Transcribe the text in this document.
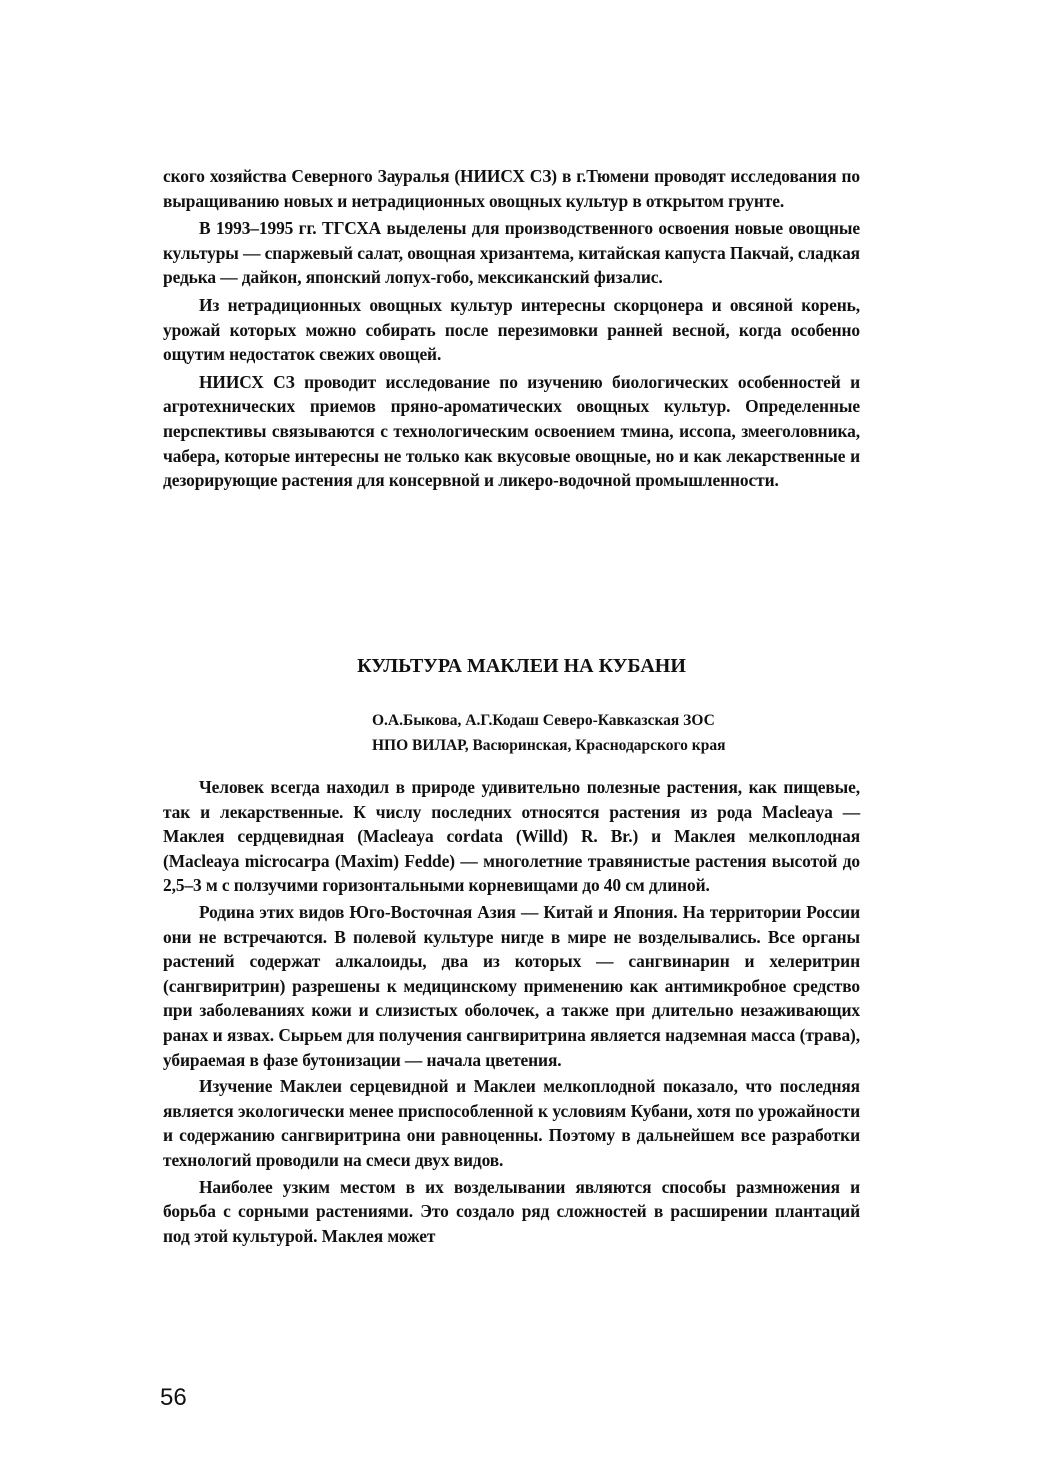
ского хозяйства Северного Зауралья (НИИСХ СЗ) в г.Тюмени проводят исследования по выращиванию новых и нетрадиционных овощных культур в открытом грунте.

В 1993–1995 гг. ТГСХА выделены для производственного освоения новые овощные культуры — спаржевый салат, овощная хризантема, китайская капуста Пакчай, сладкая редька — дайкон, японский лопух-гобо, мексиканский физалис.

Из нетрадиционных овощных культур интересны скорцонера и овсяной корень, урожай которых можно собирать после перезимовки ранней весной, когда особенно ощутим недостаток свежих овощей.

НИИСХ СЗ проводит исследование по изучению биологических особенностей и агротехнических приемов пряно-ароматических овощных культур. Определенные перспективы связываются с технологическим освоением тмина, иссопа, змееголовника, чабера, которые интересны не только как вкусовые овощные, но и как лекарственные и дезорирующие растения для консервной и ликеро-водочной промышленности.

КУЛЬТУРА МАКЛЕИ НА КУБАНИ
О.А.Быкова, А.Г.Кодаш Северо-Кавказская ЗОС
НПО ВИЛАР, Васюринская, Краснодарского края

Человек всегда находил в природе удивительно полезные растения, как пищевые, так и лекарственные. К числу последних относятся растения из рода Macleaya — Маклея сердцевидная (Macleaya cordata (Willd) R. Br.) и Маклея мелкоплодная (Macleaya microcarpa (Maxim) Fedde) — многолетние травянистые растения высотой до 2,5–3 м с ползучими горизонтальными корневищами до 40 см длиной.

Родина этих видов Юго-Восточная Азия — Китай и Япония. На территории России они не встречаются. В полевой культуре нигде в мире не возделывались. Все органы растений содержат алкалоиды, два из которых — сангвинарин и хелеритрин (сангвиритрин) разрешены к медицинскому применению как антимикробное средство при заболеваниях кожи и слизистых оболочек, а также при длительно незаживающих ранах и язвах. Сырьем для получения сангвиритрина является надземная масса (трава), убираемая в фазе бутонизации — начала цветения.

Изучение Маклеи серцевидной и Маклеи мелкоплодной показало, что последняя является экологически менее приспособленной к условиям Кубани, хотя по урожайности и содержанию сангвиритрина они равноценны. Поэтому в дальнейшем все разработки технологий проводили на смеси двух видов.

Наиболее узким местом в их возделывании являются способы размножения и борьба с сорными растениями. Это создало ряд сложностей в расширении плантаций под этой культурой. Маклея может

56
